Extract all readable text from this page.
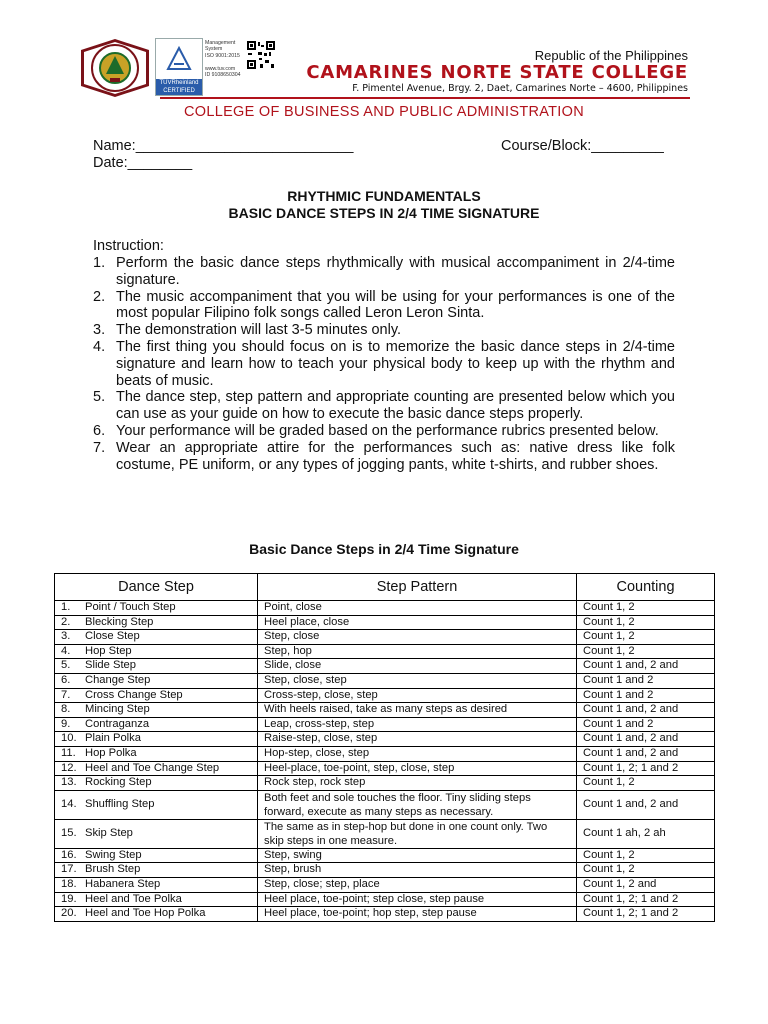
TÜVRheinland
CERTIFIED
Management
System
ISO 9001:2015

www.tuv.com
ID 9108650304
Republic of the Philippines
CAMARINES NORTE STATE COLLEGE
F. Pimentel Avenue, Brgy. 2, Daet, Camarines Norte – 4600, Philippines
COLLEGE OF BUSINESS AND PUBLIC ADMINISTRATION
Name:___________________________	Course/Block:_________
Date:________
RHYTHMIC FUNDAMENTALS
BASIC DANCE STEPS IN 2/4 TIME SIGNATURE
Instruction:
1. Perform the basic dance steps rhythmically with musical accompaniment in 2/4-time signature.
2. The music accompaniment that you will be using for your performances is one of the most popular Filipino folk songs called Leron Leron Sinta.
3. The demonstration will last 3-5 minutes only.
4. The first thing you should focus on is to memorize the basic dance steps in 2/4-time signature and learn how to teach your physical body to keep up with the rhythm and beats of music.
5. The dance step, step pattern and appropriate counting are presented below which you can use as your guide on how to execute the basic dance steps properly.
6. Your performance will be graded based on the performance rubrics presented below.
7. Wear an appropriate attire for the performances such as: native dress like folk costume, PE uniform, or any types of jogging pants, white t-shirts, and rubber shoes.
Basic Dance Steps in 2/4 Time Signature
Dance Step	Step Pattern	Counting
1. Point / Touch Step	Point, close	Count 1, 2
2. Blecking Step	Heel place, close	Count 1, 2
3. Close Step	Step, close	Count 1, 2
4. Hop Step	Step, hop	Count 1, 2
5. Slide Step	Slide, close	Count 1 and, 2 and
6. Change Step	Step, close, step	Count 1 and 2
7. Cross Change Step	Cross-step, close, step	Count 1 and 2
8. Mincing Step	With heels raised, take as many steps as desired	Count 1 and, 2 and
9. Contraganza	Leap, cross-step, step	Count 1 and 2
10. Plain Polka	Raise-step, close, step	Count 1 and, 2 and
11. Hop Polka	Hop-step, close, step	Count 1 and, 2 and
12. Heel and Toe Change Step	Heel-place, toe-point, step, close, step	Count 1, 2; 1 and 2
13. Rocking Step	Rock step, rock step	Count 1, 2
14. Shuffling Step	Both feet and sole touches the floor. Tiny sliding steps forward, execute as many steps as necessary.	Count 1 and, 2 and
15. Skip Step	The same as in step-hop but done in one count only. Two skip steps in one measure.	Count 1 ah, 2 ah
16. Swing Step	Step, swing	Count 1, 2
17. Brush Step	Step, brush	Count 1, 2
18. Habanera Step	Step, close; step, place	Count 1, 2 and
19. Heel and Toe Polka	Heel place, toe-point; step close, step pause	Count 1, 2; 1 and 2
20. Heel and Toe Hop Polka	Heel place, toe-point; hop step, step pause	Count 1, 2; 1 and 2
